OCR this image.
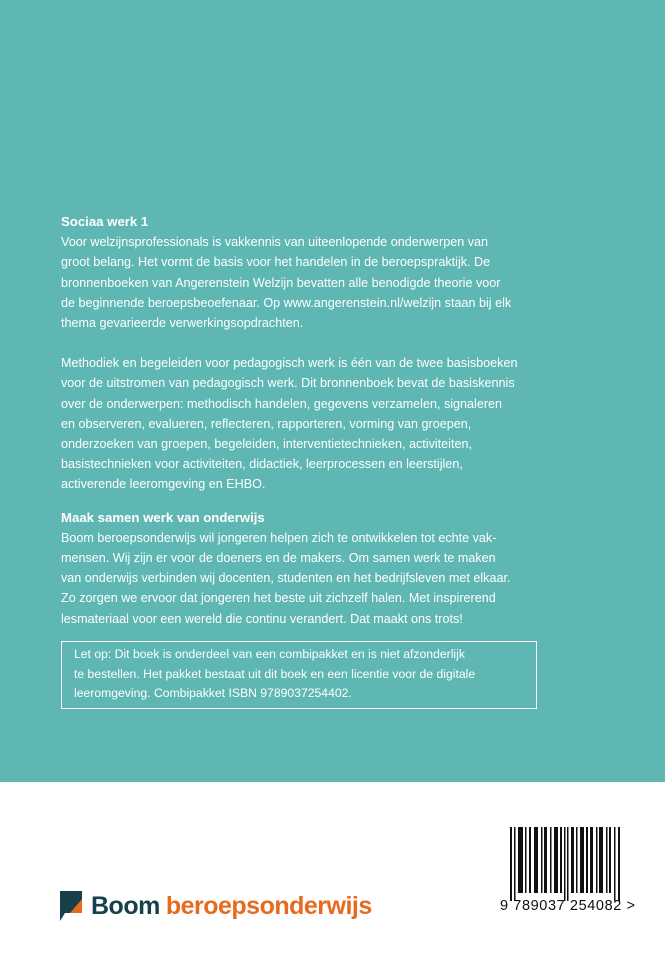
Sociaa werk 1
Voor welzijnsprofessionals is vakkennis van uiteenlopende onderwerpen van
groot belang. Het vormt de basis voor het handelen in de beroepspraktijk. De
bronnenboeken van Angerenstein Welzijn bevatten alle benodigde theorie voor
de beginnende beroepsbeoefenaar. Op www.angerenstein.nl/welzijn staan bij elk
thema gevarieerde verwerkingsopdrachten.
Methodiek en begeleiden voor pedagogisch werk is één van de twee basisboeken
voor de uitstromen van pedagogisch werk. Dit bronnenboek bevat de basiskennis
over de onderwerpen: methodisch handelen, gegevens verzamelen, signaleren
en observeren, evalueren, reflecteren, rapporteren, vorming van groepen,
onderzoeken van groepen, begeleiden, interventietechnieken, activiteiten,
basistechnieken voor activiteiten, didactiek, leerprocessen en leerstijlen,
activerende leeromgeving en EHBO.
Maak samen werk van onderwijs
Boom beroepsonderwijs wil jongeren helpen zich te ontwikkelen tot echte vak-
mensen. Wij zijn er voor de doeners en de makers. Om samen werk te maken
van onderwijs verbinden wij docenten, studenten en het bedrijfsleven met elkaar.
Zo zorgen we ervoor dat jongeren het beste uit zichzelf halen. Met inspirerend
lesmateriaal voor een wereld die continu verandert. Dat maakt ons trots!
Let op: Dit boek is onderdeel van een combipakket en is niet afzonderlijk
te bestellen. Het pakket bestaat uit dit boek en een licentie voor de digitale
leeromgeving. Combipakket ISBN 9789037254402.
Boom beroepsonderwijs	9 789037 254082 >
